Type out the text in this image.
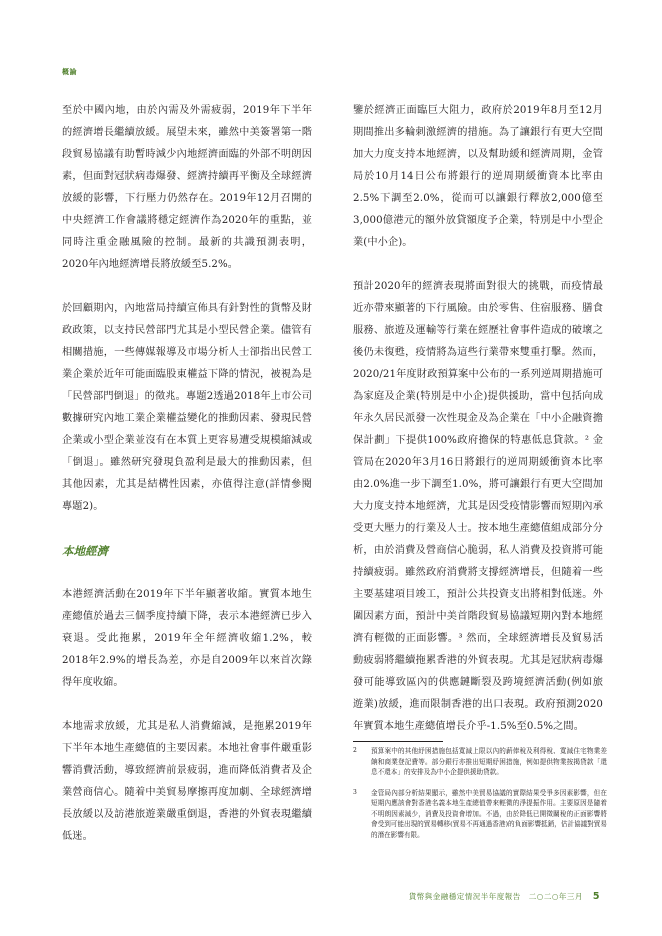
概論

至於中國內地，由於內需及外需疲弱，2019年下半年的經濟增長繼續放緩。展望未來，雖然中美簽署第一階段貿易協議有助暫時減少內地經濟面臨的外部不明朗因素，但面對冠狀病毒爆發、經濟持續再平衡及全球經濟放緩的影響，下行壓力仍然存在。2019年12月召開的中央經濟工作會議將穩定經濟作為2020年的重點，並同時注重金融風險的控制。最新的共識預測表明，2020年內地經濟增長將放緩至5.2%。

於回顧期內，內地當局持續宣佈具有針對性的貨幣及財政政策，以支持民營部門尤其是小型民營企業。儘管有相關措施，一些傳媒報導及市場分析人士卻指出民營工業企業於近年可能面臨股東權益下降的情況，被視為是「民營部門倒退」的徵兆。專題2透過2018年上市公司數據研究內地工業企業權益變化的推動因素、發現民營企業或小型企業並沒有在本質上更容易遭受規模縮減或「倒退」。雖然研究發現負盈利是最大的推動因素，但其他因素，尤其是結構性因素，亦值得注意(詳情參閱專題2)。

本地經濟

本港經濟活動在2019年下半年顯著收縮。實質本地生產總值於過去三個季度持續下降，表示本港經濟已步入衰退。受此拖累，2019年全年經濟收縮1.2%，較2018年2.9%的增長為差，亦是自2009年以來首次錄得年度收縮。

本地需求放緩，尤其是私人消費縮減，是拖累2019年下半年本地生產總值的主要因素。本地社會事件嚴重影響消費活動，導致經濟前景疲弱，進而降低消費者及企業營商信心。隨着中美貿易摩擦再度加劇、全球經濟增長放緩以及訪港旅遊業嚴重倒退，香港的外貿表現繼續低迷。

鑒於經濟正面臨巨大阻力，政府於2019年8月至12月期間推出多輪刺激經濟的措施。為了讓銀行有更大空間加大力度支持本地經濟，以及幫助緩和經濟周期，金管局於10月14日公布將銀行的逆周期緩衝資本比率由2.5%下調至2.0%，從而可以讓銀行釋放2,000億至3,000億港元的額外放貸額度予企業，特別是中小型企業(中小企)。

預計2020年的經濟表現將面對很大的挑戰，而疫情最近亦帶來顯著的下行風險。由於零售、住宿服務、膳食服務、旅遊及運輸等行業在經歷社會事件造成的破壞之後仍未復甦，疫情將為這些行業帶來雙重打擊。然而，2020/21年度財政預算案中公布的一系列逆周期措施可為家庭及企業(特別是中小企)提供援助，當中包括向成年永久居民派發一次性現金及為企業在「中小企融資擔保計劃」下提供100%政府擔保的特惠低息貸款。² 金管局在2020年3月16日將銀行的逆周期緩衝資本比率由2.0%進一步下調至1.0%，將可讓銀行有更大空間加大力度支持本地經濟，尤其是因受疫情影響而短期內承受更大壓力的行業及人士。按本地生產總值組成部分分析，由於消費及營商信心脆弱，私人消費及投資將可能持續疲弱。雖然政府消費將支撐經濟增長，但隨着一些主要基建項目竣工，預計公共投資支出將相對低迷。外圍因素方面，預計中美首階段貿易協議短期內對本地經濟有輕微的正面影響。³ 然而，全球經濟增長及貿易活動疲弱將繼續拖累香港的外貿表現。尤其是冠狀病毒爆發可能導致區內的供應鏈斷裂及跨境經濟活動(例如旅遊業)放緩，進而限制香港的出口表現。政府預測2020年實質本地生產總值增長介乎-1.5%至0.5%之間。

2	預算案中的其他紓困措施包括寬減上限以內的薪俸稅及利得稅、寬減住宅物業差餉和商業登記費等。部分銀行亦推出短期紓困措施，例如提供物業按揭貸款「還息不還本」的安排及為中小企提供援助貸款。
3	金管局內部分析結果顯示，雖然中美貿易協議的實際結果受爭多因素影響，但在短期內應該會對香港名義本地生產總值帶來輕微的淨提振作用。主要原因是隨着不明朗因素減少，消費及投資會增加。不過，由於降低已開徵關稅的正面影響將會受到可能出現的貿易轉移(貿易不再通過香港)的負面影響抵銷，估計協議對貿易的潛在影響有限。
貨幣與金融穩定情況半年度報告　二○二○年三月 5
